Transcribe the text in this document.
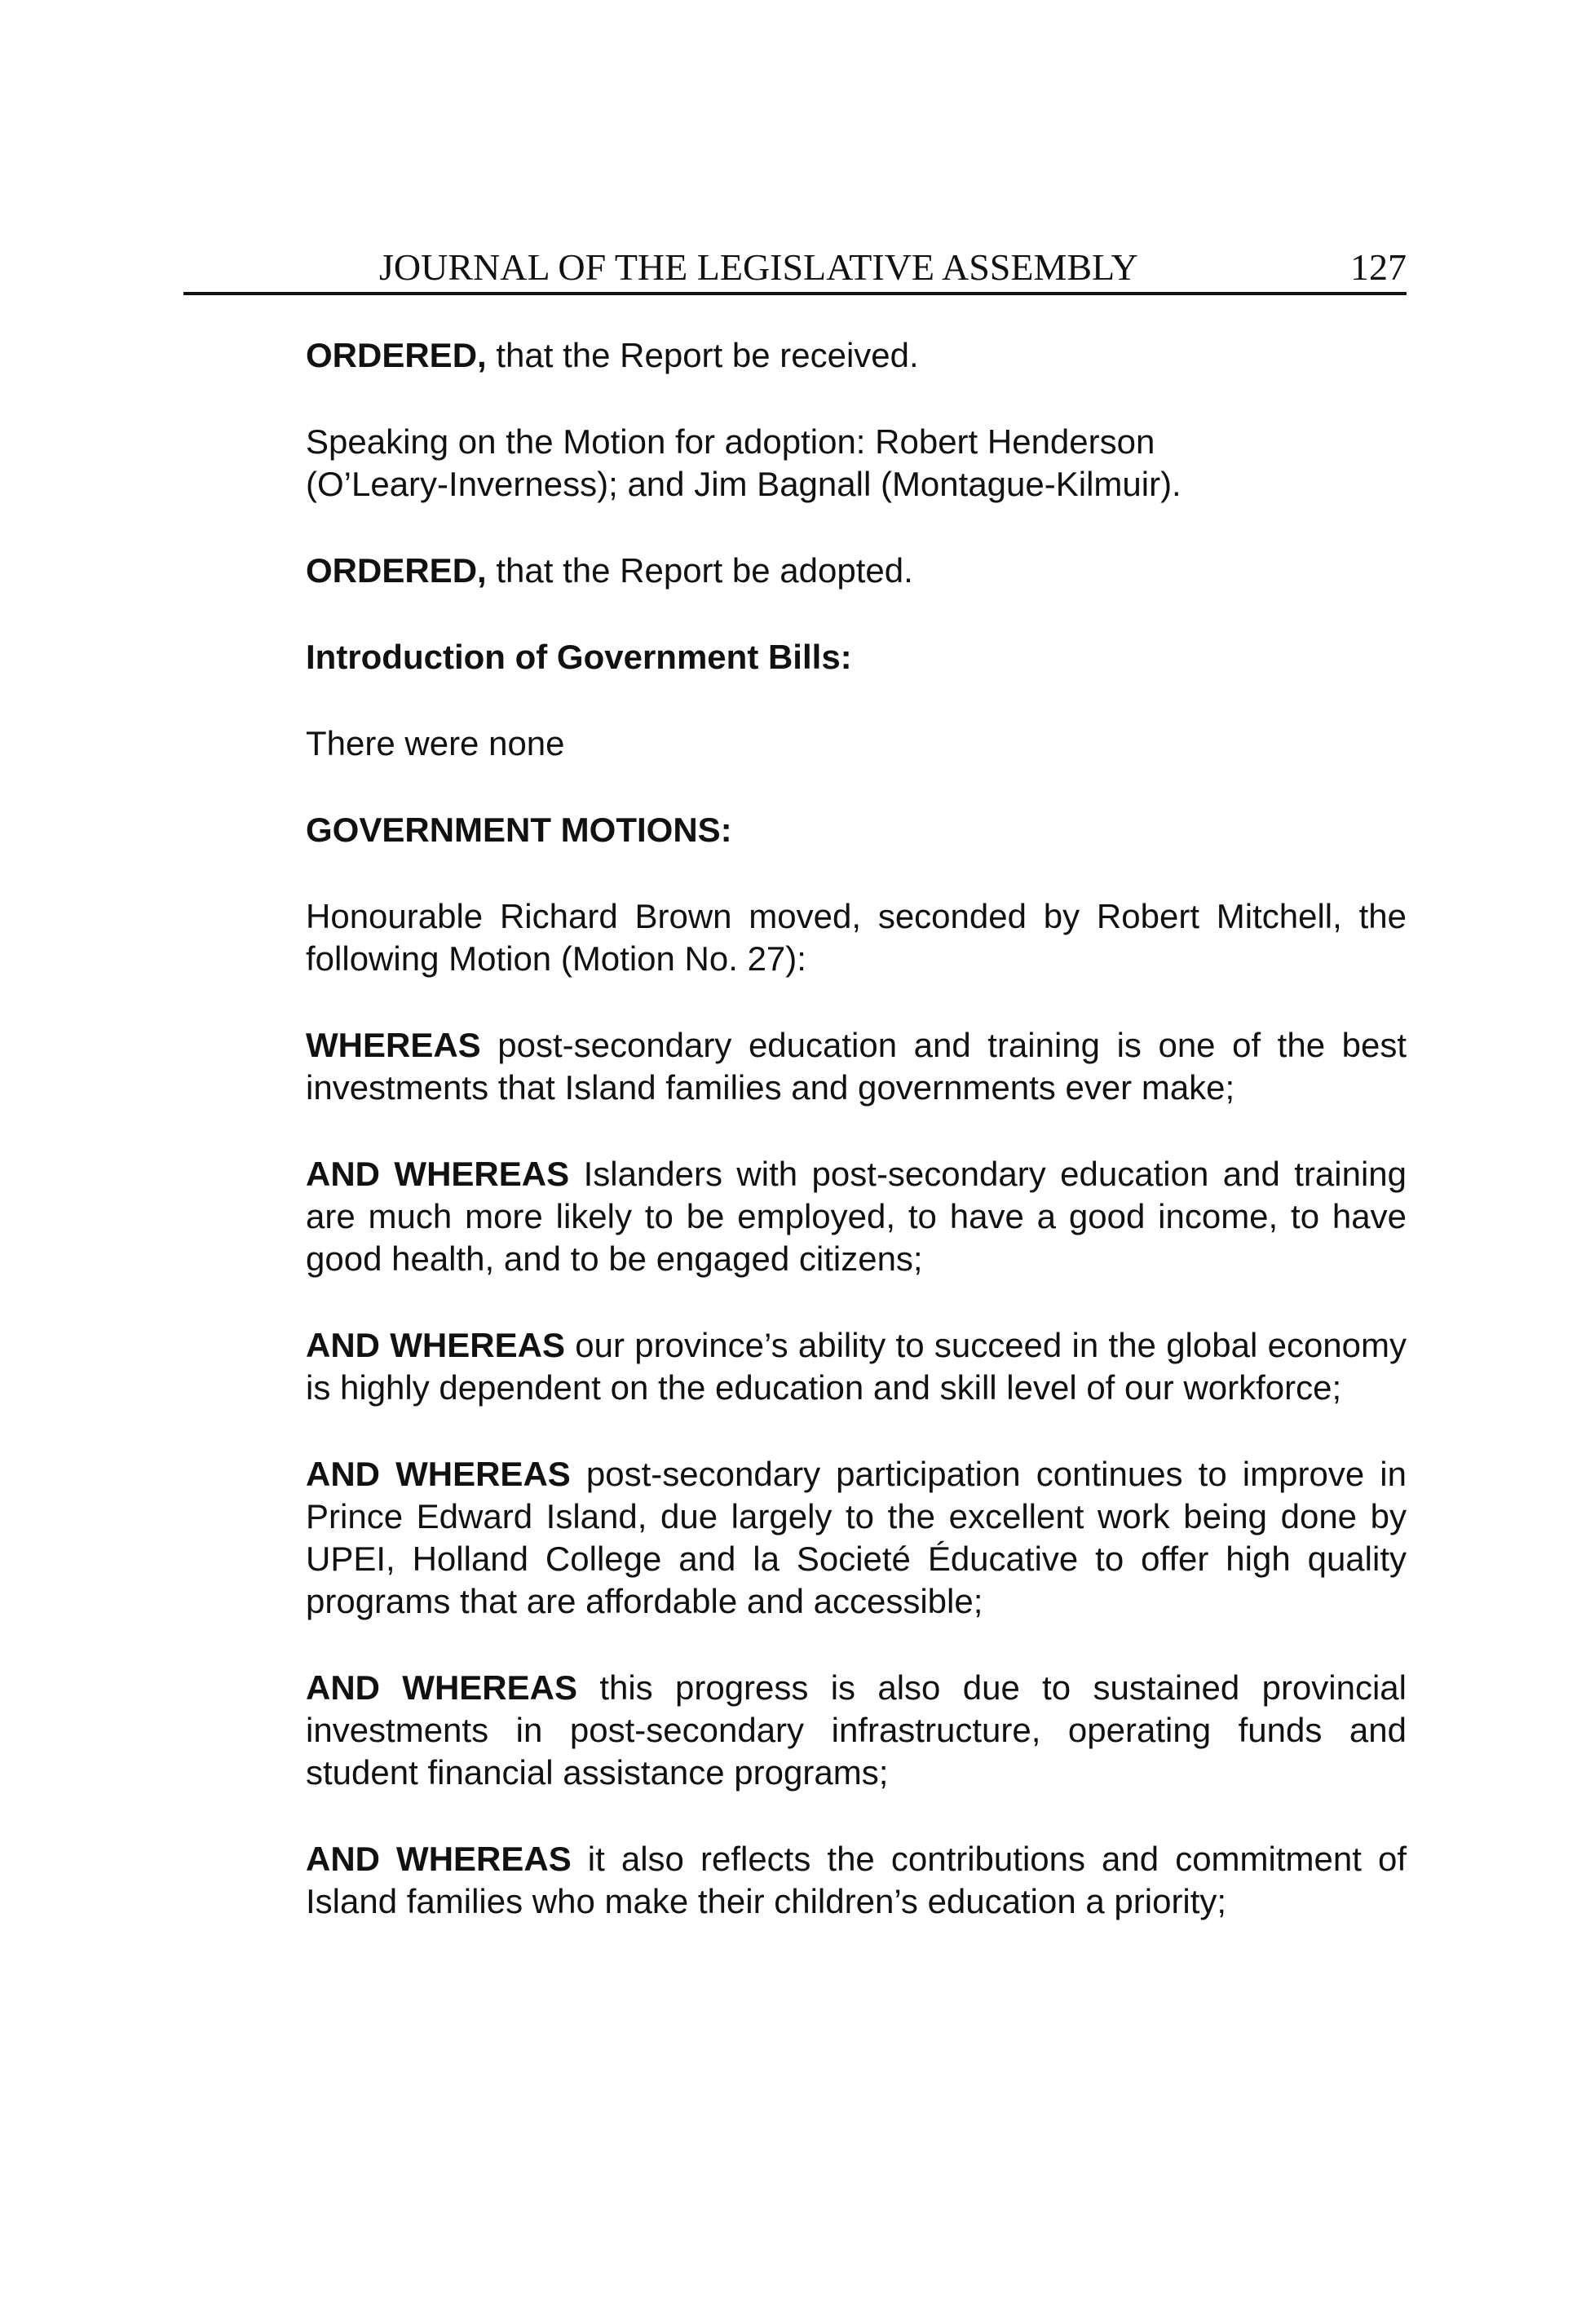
JOURNAL OF THE LEGISLATIVE ASSEMBLY	127

ORDERED, that the Report be received.

Speaking on the Motion for adoption: Robert Henderson
(O’Leary-Inverness); and Jim Bagnall (Montague-Kilmuir).

ORDERED, that the Report be adopted.

Introduction of Government Bills:

There were none

GOVERNMENT MOTIONS:

Honourable Richard Brown moved, seconded by Robert Mitchell, the following Motion (Motion No. 27):

WHEREAS post-secondary education and training is one of the best investments that Island families and governments ever make;

AND WHEREAS Islanders with post-secondary education and training are much more likely to be employed, to have a good income, to have good health, and to be engaged citizens;

AND WHEREAS our province’s ability to succeed in the global economy is highly dependent on the education and skill level of our workforce;

AND WHEREAS post-secondary participation continues to improve in Prince Edward Island, due largely to the excellent work being done by UPEI, Holland College and la Societé Éducative to offer high quality programs that are affordable and accessible;

AND WHEREAS this progress is also due to sustained provincial investments in post-secondary infrastructure, operating funds and student financial assistance programs;

AND WHEREAS it also reflects the contributions and commitment of Island families who make their children’s education a priority;
